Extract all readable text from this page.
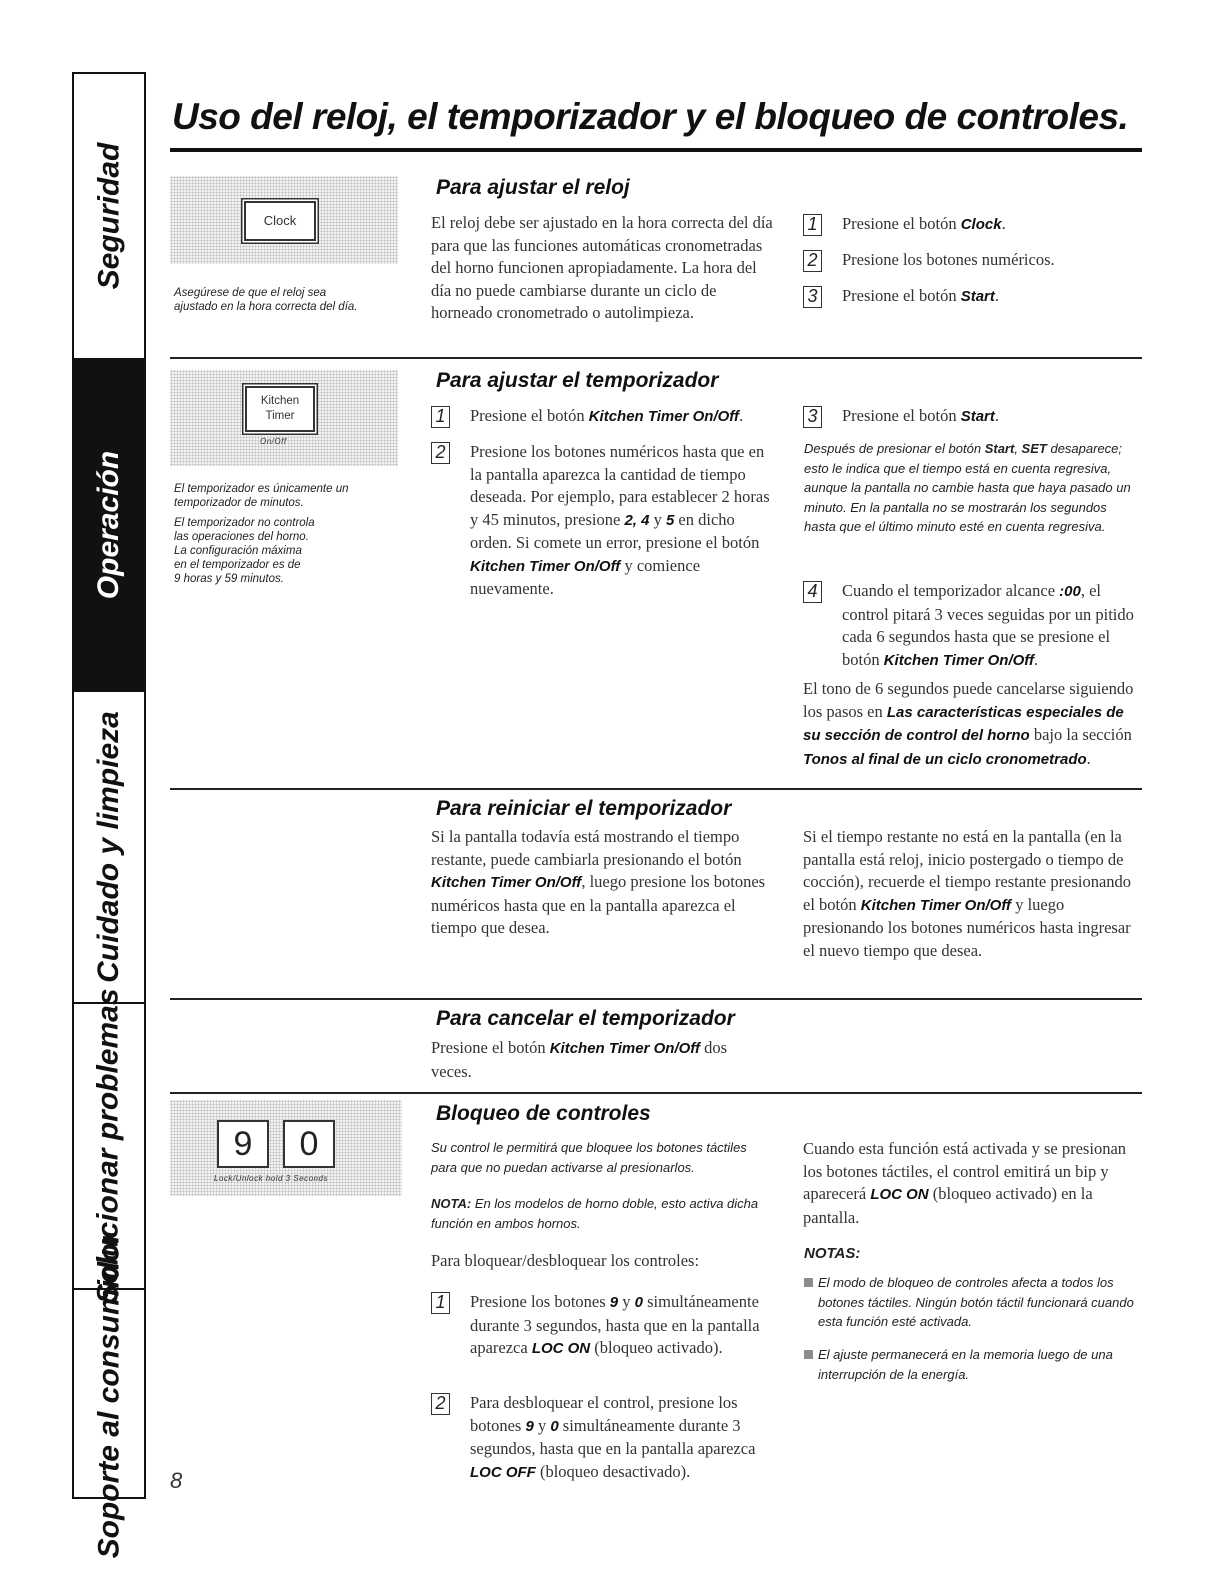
Seguridad
Operación
Cuidado y limpieza
Solucionar problemas
Soporte al consumidor
Uso del reloj, el temporizador y el bloqueo de controles.
Clock
Asegúrese de que el reloj sea
ajustado en la hora correcta del día.
Para ajustar el reloj
El reloj debe ser ajustado en la hora correcta del día para que las funciones automáticas cronometradas del horno funcionen apropiadamente. La hora del día no puede cambiarse durante un ciclo de horneado cronometrado o autolimpieza.
1 Presione el botón Clock.
2 Presione los botones numéricos.
3 Presione el botón Start.
Kitchen
Timer
On/Off
El temporizador es únicamente un
temporizador de minutos.
El temporizador no controla
las operaciones del horno.
La configuración máxima
en el temporizador es de
9 horas y 59 minutos.
Para ajustar el temporizador
1 Presione el botón Kitchen Timer On/Off.
2 Presione los botones numéricos hasta que en la pantalla aparezca la cantidad de tiempo deseada. Por ejemplo, para establecer 2 horas y 45 minutos, presione 2, 4 y 5 en dicho orden. Si comete un error, presione el botón Kitchen Timer On/Off y comience nuevamente.
3 Presione el botón Start.
Después de presionar el botón Start, SET desaparece; esto le indica que el tiempo está en cuenta regresiva, aunque la pantalla no cambie hasta que haya pasado un minuto. En la pantalla no se mostrarán los segundos hasta que el último minuto esté en cuenta regresiva.
4 Cuando el temporizador alcance :00, el control pitará 3 veces seguidas por un pitido cada 6 segundos hasta que se presione el botón Kitchen Timer On/Off.
El tono de 6 segundos puede cancelarse siguiendo los pasos en Las características especiales de su sección de control del horno bajo la sección Tonos al final de un ciclo cronometrado.
Para reiniciar el temporizador
Si la pantalla todavía está mostrando el tiempo restante, puede cambiarla presionando el botón Kitchen Timer On/Off, luego presione los botones numéricos hasta que en la pantalla aparezca el tiempo que desea.
Si el tiempo restante no está en la pantalla (en la pantalla está reloj, inicio postergado o tiempo de cocción), recuerde el tiempo restante presionando el botón Kitchen Timer On/Off y luego presionando los botones numéricos hasta ingresar el nuevo tiempo que desea.
Para cancelar el temporizador
Presione el botón Kitchen Timer On/Off dos veces.
9	0
Lock/Unlock hold 3 Seconds
Bloqueo de controles
Su control le permitirá que bloquee los botones táctiles para que no puedan activarse al presionarlos.
NOTA: En los modelos de horno doble, esto activa dicha función en ambos hornos.
Para bloquear/desbloquear los controles:
1 Presione los botones 9 y 0 simultáneamente durante 3 segundos, hasta que en la pantalla aparezca LOC ON (bloqueo activado).
2 Para desbloquear el control, presione los botones 9 y 0 simultáneamente durante 3 segundos, hasta que en la pantalla aparezca LOC OFF (bloqueo desactivado).
Cuando esta función está activada y se presionan los botones táctiles, el control emitirá un bip y aparecerá LOC ON (bloqueo activado) en la pantalla.
NOTAS:
El modo de bloqueo de controles afecta a todos los botones táctiles. Ningún botón táctil funcionará cuando esta función esté activada.
El ajuste permanecerá en la memoria luego de una interrupción de la energía.
8
